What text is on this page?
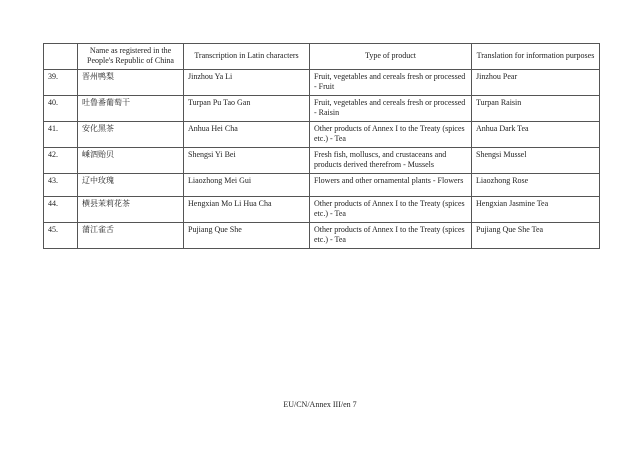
	Name as registered in the People's Republic of China	Transcription in Latin characters	Type of product	Translation for information purposes
39.	晋州鸭梨	Jinzhou Ya Li	Fruit, vegetables and cereals fresh or processed - Fruit	Jinzhou Pear
40.	吐鲁番葡萄干	Turpan Pu Tao Gan	Fruit, vegetables and cereals fresh or processed - Raisin	Turpan Raisin
41.	安化黑茶	Anhua Hei Cha	Other products of Annex I to the Treaty (spices etc.) - Tea	Anhua Dark Tea
42.	嵊泗贻贝	Shengsi Yi Bei	Fresh fish, molluscs, and crustaceans and products derived therefrom - Mussels	Shengsi Mussel
43.	辽中玫瑰	Liaozhong Mei Gui	Flowers and other ornamental plants - Flowers	Liaozhong Rose
44.	横县茉莉花茶	Hengxian Mo Li Hua Cha	Other products of Annex I to the Treaty (spices etc.) - Tea	Hengxian Jasmine Tea
45.	蒲江雀舌	Pujiang Que She	Other products of Annex I to the Treaty (spices etc.) - Tea	Pujiang Que She Tea
EU/CN/Annex III/en 7
